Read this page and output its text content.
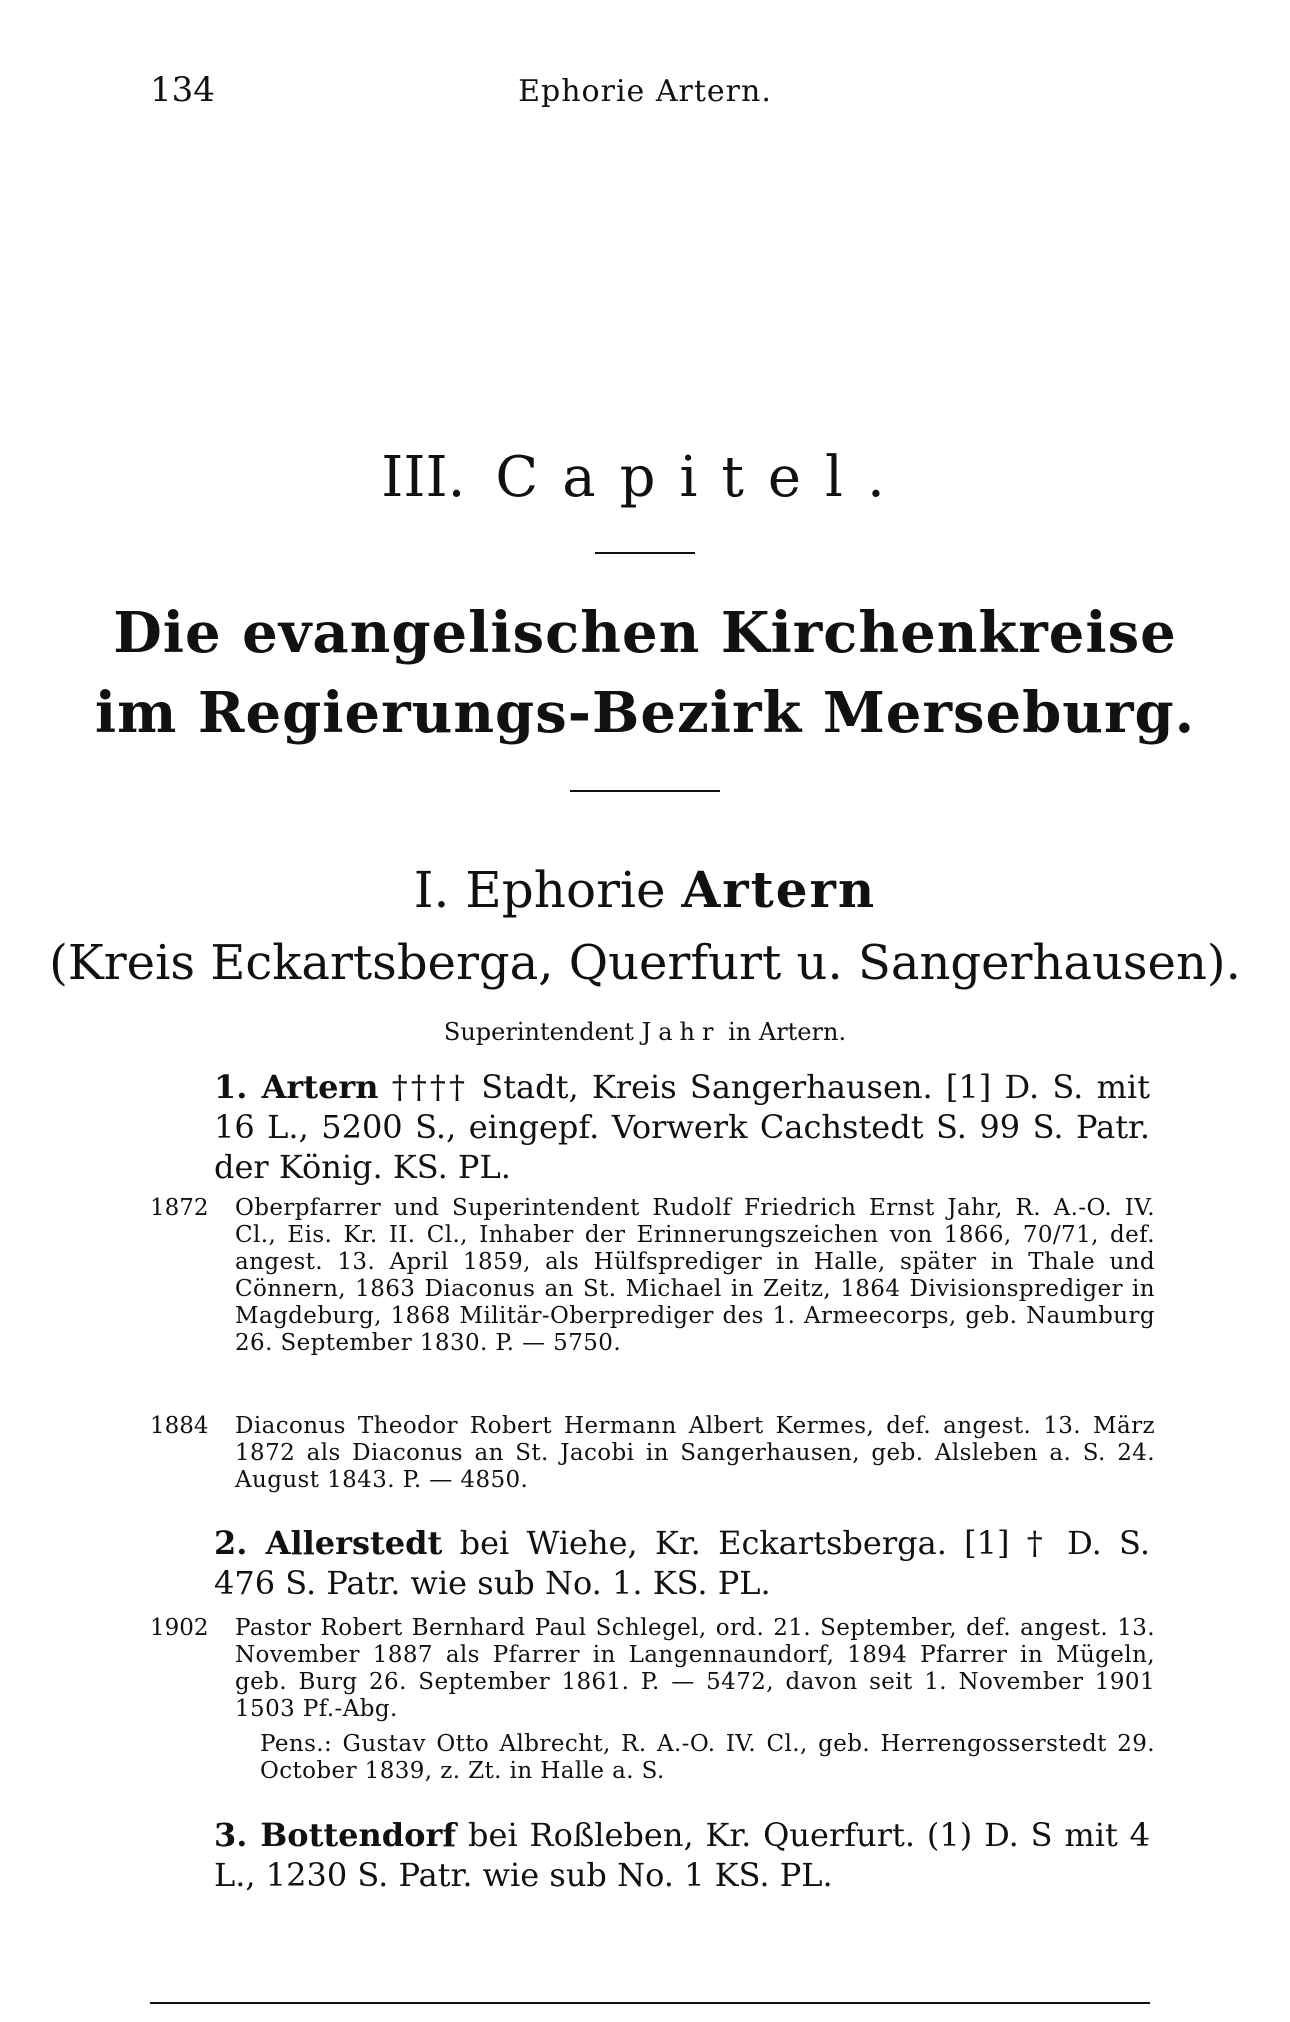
134	Ephorie Artern.
III. Capitel.
Die evangelischen Kirchenkreise
im Regierungs-Bezirk Merseburg.
I. Ephorie Artern
(Kreis Eckartsberga, Querfurt u. Sangerhausen).
Superintendent Jahr in Artern.

1. Artern †††† Stadt, Kreis Sangerhausen. [1] D. S. mit 16 L., 5200 S., eingepf. Vorwerk Cachstedt S. 99 S. Patr. der König. KS. PL.

1872	Oberpfarrer und Superintendent Rudolf Friedrich Ernst Jahr, R. A.-O. IV. Cl., Eis. Kr. II. Cl., Inhaber der Erinnerungszeichen von 1866, 70/71, def. angest. 13. April 1859, als Hülfsprediger in Halle, später in Thale und Cönnern, 1863 Diaconus an St. Michael in Zeitz, 1864 Divisionsprediger in Magdeburg, 1868 Militär-Oberprediger des 1. Armeecorps, geb. Naumburg 26. September 1830. P. — 5750.
1884	Diaconus Theodor Robert Hermann Albert Kermes, def. angest. 13. März 1872 als Diaconus an St. Jacobi in Sangerhausen, geb. Alsleben a. S. 24. August 1843. P. — 4850.

2. Allerstedt bei Wiehe, Kr. Eckartsberga. [1] † D. S. 476 S. Patr. wie sub No. 1. KS. PL.

1902	Pastor Robert Bernhard Paul Schlegel, ord. 21. September, def. angest. 13. November 1887 als Pfarrer in Langennaundorf, 1894 Pfarrer in Mügeln, geb. Burg 26. September 1861. P. — 5472, davon seit 1. November 1901 1503 Pf.-Abg.
Pens.: Gustav Otto Albrecht, R. A.-O. IV. Cl., geb. Herrengosserstedt 29. October 1839, z. Zt. in Halle a. S.

3. Bottendorf bei Roßleben, Kr. Querfurt. (1) D. S mit 4 L., 1230 S. Patr. wie sub No. 1 KS. PL.
